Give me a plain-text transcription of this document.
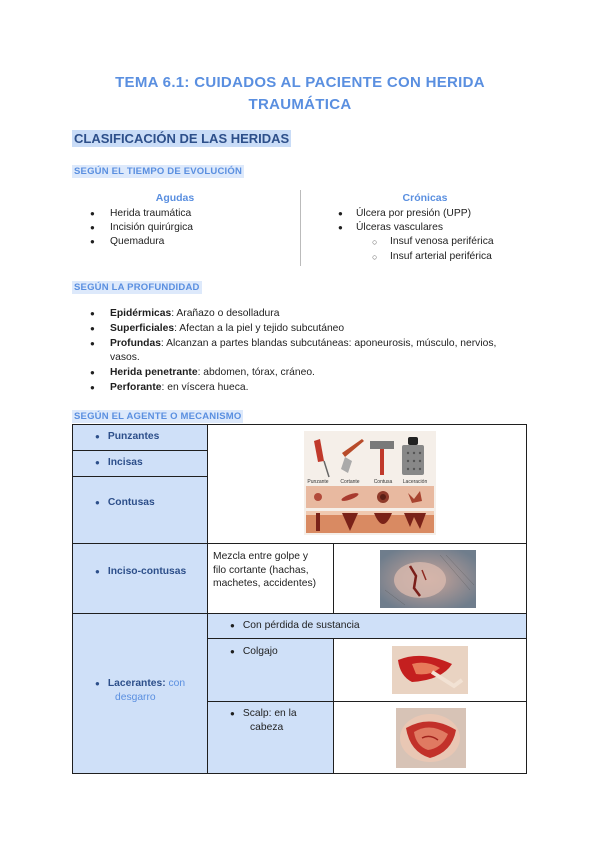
TEMA 6.1: CUIDADOS AL PACIENTE CON HERIDA
TRAUMÁTICA
CLASIFICACIÓN DE LAS HERIDAS
SEGÚN EL TIEMPO DE EVOLUCIÓN
Agudas
● Herida traumática
● Incisión quirúrgica
● Quemadura
Crónicas
● Úlcera por presión (UPP)
● Úlceras vasculares
○ Insuf venosa periférica
○ Insuf arterial periférica
SEGÚN LA PROFUNDIDAD
● Epidérmicas: Arañazo o desolladura
● Superficiales: Afectan a la piel y tejido subcutáneo
● Profundas: Alcanzan a partes blandas subcutáneas: aponeurosis, músculo, nervios,
vasos.
● Herida penetrante: abdomen, tórax, cráneo.
● Perforante: en víscera hueca.
SEGÚN EL AGENTE O MECANISMO
● Punzantes
● Incisas
● Contusas
Punzante Cortante	Contusa Laceración
● Inciso-contusas
Mezcla entre golpe y
filo cortante (hachas,
machetes, accidentes)
● Lacerantes: con
desgarro
● Con pérdida de sustancia
● Colgajo
● Scalp: en la
cabeza
